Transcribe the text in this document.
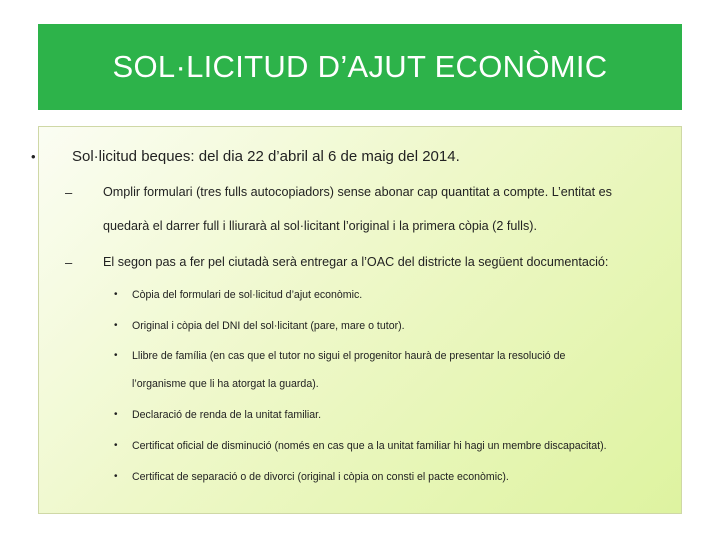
SOL·LICITUD D’AJUT ECONÒMIC
• Sol·licitud beques: del dia 22 d’abril al 6 de maig del 2014.
– Omplir formulari (tres fulls autocopiadors) sense abonar cap quantitat a compte. L’entitat es
quedarà el darrer full i lliurarà al sol·licitant l’original i la primera còpia (2 fulls).
– El segon pas a fer pel ciutadà serà entregar a l’OAC del districte la següent documentació:
• Còpia del formulari de sol·licitud d’ajut econòmic.
• Original i còpia del DNI del sol·licitant (pare, mare o tutor).
• Llibre de família (en cas que el tutor no sigui el progenitor haurà de presentar la resolució de
l’organisme que li ha atorgat la guarda).
• Declaració de renda de la unitat familiar.
• Certificat oficial de disminució (només en cas que a la unitat familiar hi hagi un membre discapacitat).
• Certificat de separació o de divorci (original i còpia on consti el pacte econòmic).
